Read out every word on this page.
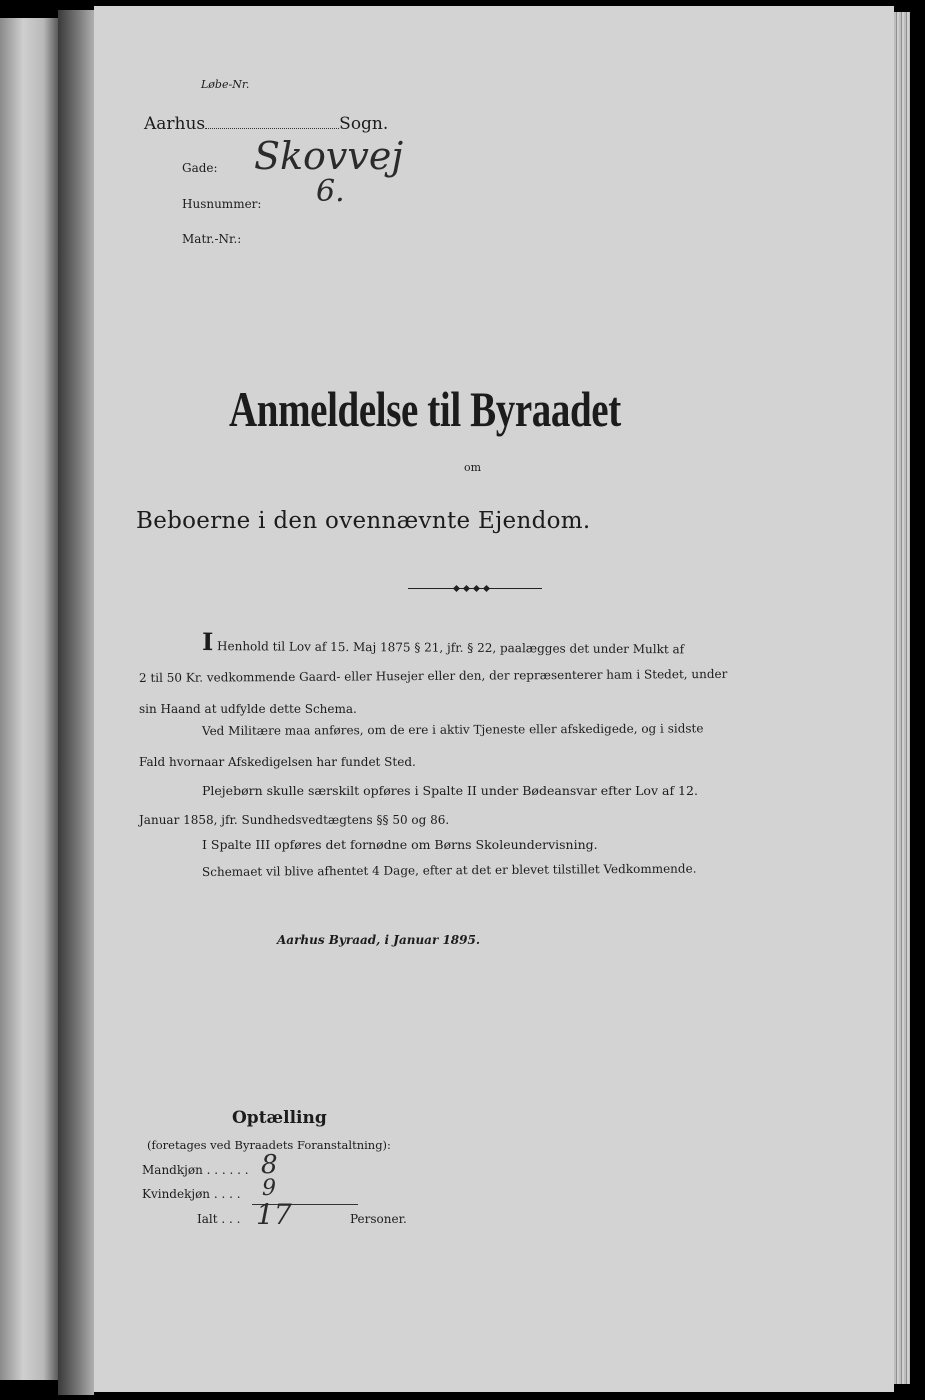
Løbe-Nr.
Aarhus	Sogn.
Gade: Skovvej
Husnummer: 6.
Matr.-Nr.:
Anmeldelse til Byraadet
om
Beboerne i den ovennævnte Ejendom.
I Henhold til Lov af 15. Maj 1875 § 21, jfr. § 22, paalægges det under Mulkt af
2 til 50 Kr. vedkommende Gaard- eller Husejer eller den, der repræsenterer ham i Stedet, under
sin Haand at udfylde dette Schema.
Ved Militære maa anføres, om de ere i aktiv Tjeneste eller afskedigede, og i sidste
Fald hvornaar Afskedigelsen har fundet Sted.
Plejebørn skulle særskilt opføres i Spalte II under Bødeansvar efter Lov af 12.
Januar 1858, jfr. Sundhedsvedtægtens §§ 50 og 86.
I Spalte III opføres det fornødne om Børns Skoleundervisning.
Schemaet vil blive afhentet 4 Dage, efter at det er blevet tilstillet Vedkommende.
Aarhus Byraad, i Januar 1895.
Optælling
(foretages ved Byraadets Foranstaltning):
Mandkjøn . . . . . . 8
Kvindekjøn . . . . 9
Ialt . . . 17	Personer.
